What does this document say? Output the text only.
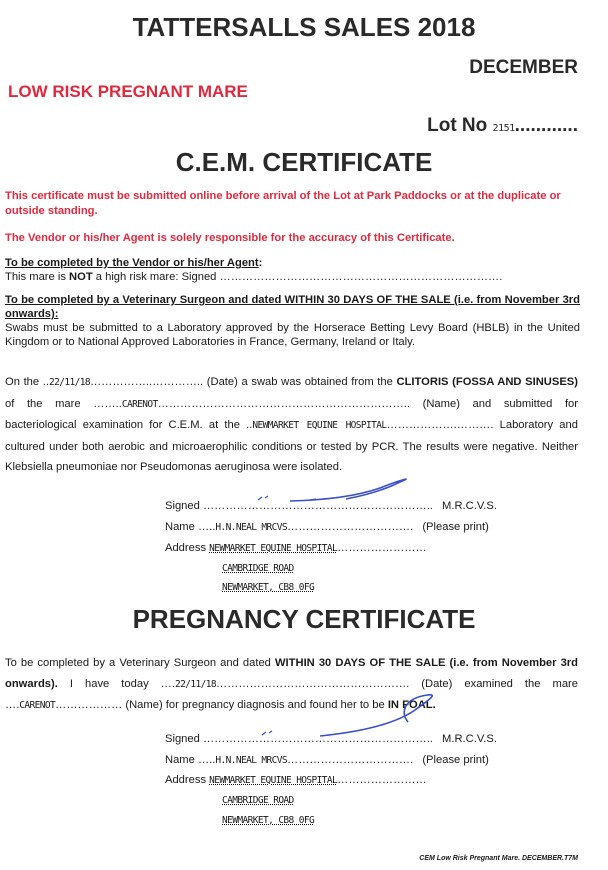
TATTERSALLS SALES 2018
DECEMBER
LOW RISK PREGNANT MARE
Lot No 2151............
C.E.M. CERTIFICATE
This certificate must be submitted online before arrival of the Lot at Park Paddocks or at the duplicate or outside standing.
The Vendor or his/her Agent is solely responsible for the accuracy of this Certificate.
To be completed by the Vendor or his/her Agent:
This mare is NOT a high risk mare: Signed ………………………………………………………………….
To be completed by a Veterinary Surgeon and dated WITHIN 30 DAYS OF THE SALE (i.e. from November 3rd onwards):
Swabs must be submitted to a Laboratory approved by the Horserace Betting Levy Board (HBLB) in the United Kingdom or to National Approved Laboratories in France, Germany, Ireland or Italy.
On the ..22/11/18……………..………….. (Date) a swab was obtained from the CLITORIS (FOSSA AND SINUSES) of the mare ……..CARENOT………………………………………………………….. (Name) and submitted for bacteriological examination for C.E.M. at the ..NEWMARKET EQUINE HOSPITAL……………….………. Laboratory and cultured under both aerobic and microaerophilic conditions or tested by PCR. The results were negative. Neither Klebsiella pneumoniae nor Pseudomonas aeruginosa were isolated.
Signed …………………………………………………….. M.R.C.V.S.
Name …..H.N.NEAL MRCVS……………………………. (Please print)
Address NEWMARKET EQUINE HOSPITAL……………………
CAMBRIDGE ROAD
NEWMARKET, CB8 0FG
PREGNANCY CERTIFICATE
To be completed by a Veterinary Surgeon and dated WITHIN 30 DAYS OF THE SALE (i.e. from November 3rd onwards). I have today ….22/11/18……………………………………………. (Date) examined the mare ….CARENOT……………… (Name) for pregnancy diagnosis and found her to be IN FOAL.
Signed …………………………………………………….. M.R.C.V.S.
Name …..H.N.NEAL MRCVS……………………………. (Please print)
Address NEWMARKET EQUINE HOSPITAL……………………
CAMBRIDGE ROAD
NEWMARKET, CB8 0FG
CEM Low Risk Pregnant Mare. DECEMBER.T7M
